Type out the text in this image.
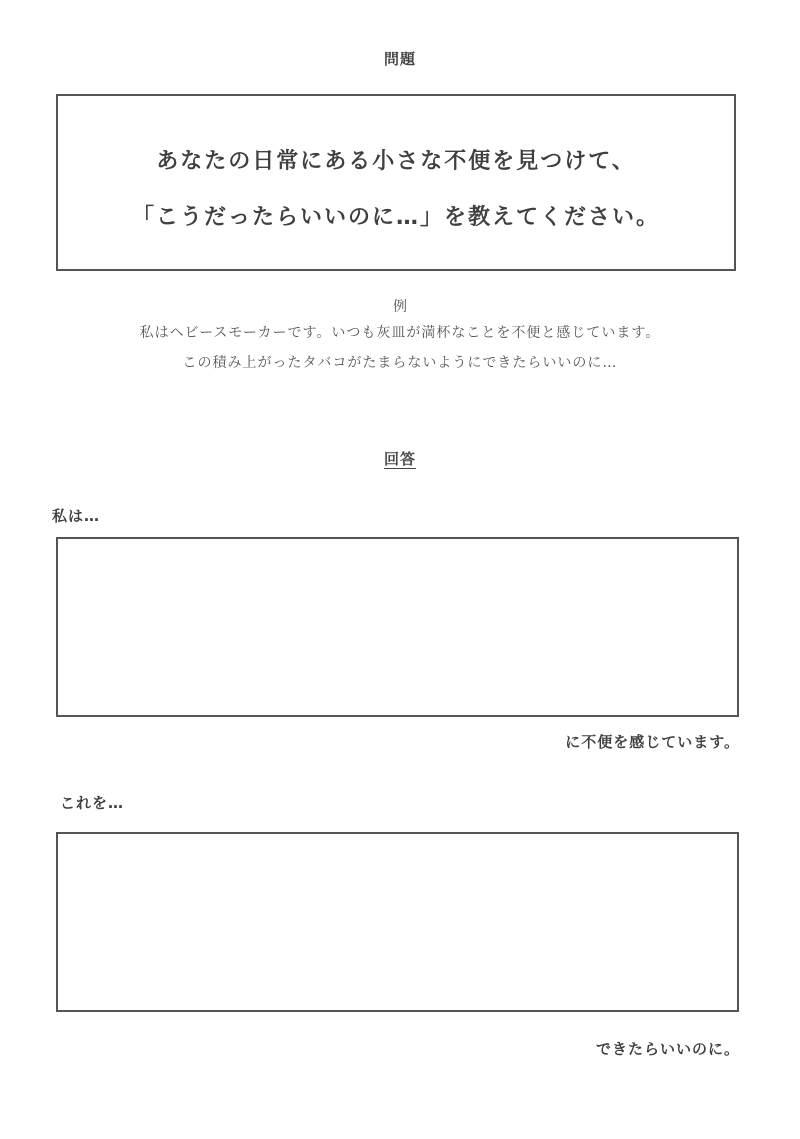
問題
あなたの日常にある小さな不便を見つけて、
「こうだったらいいのに…」を教えてください。
例
私はヘビースモーカーです。いつも灰皿が満杯なことを不便と感じています。
この積み上がったタバコがたまらないようにできたらいいのに…
回答
私は…
に不便を感じています。
これを…
できたらいいのに。
